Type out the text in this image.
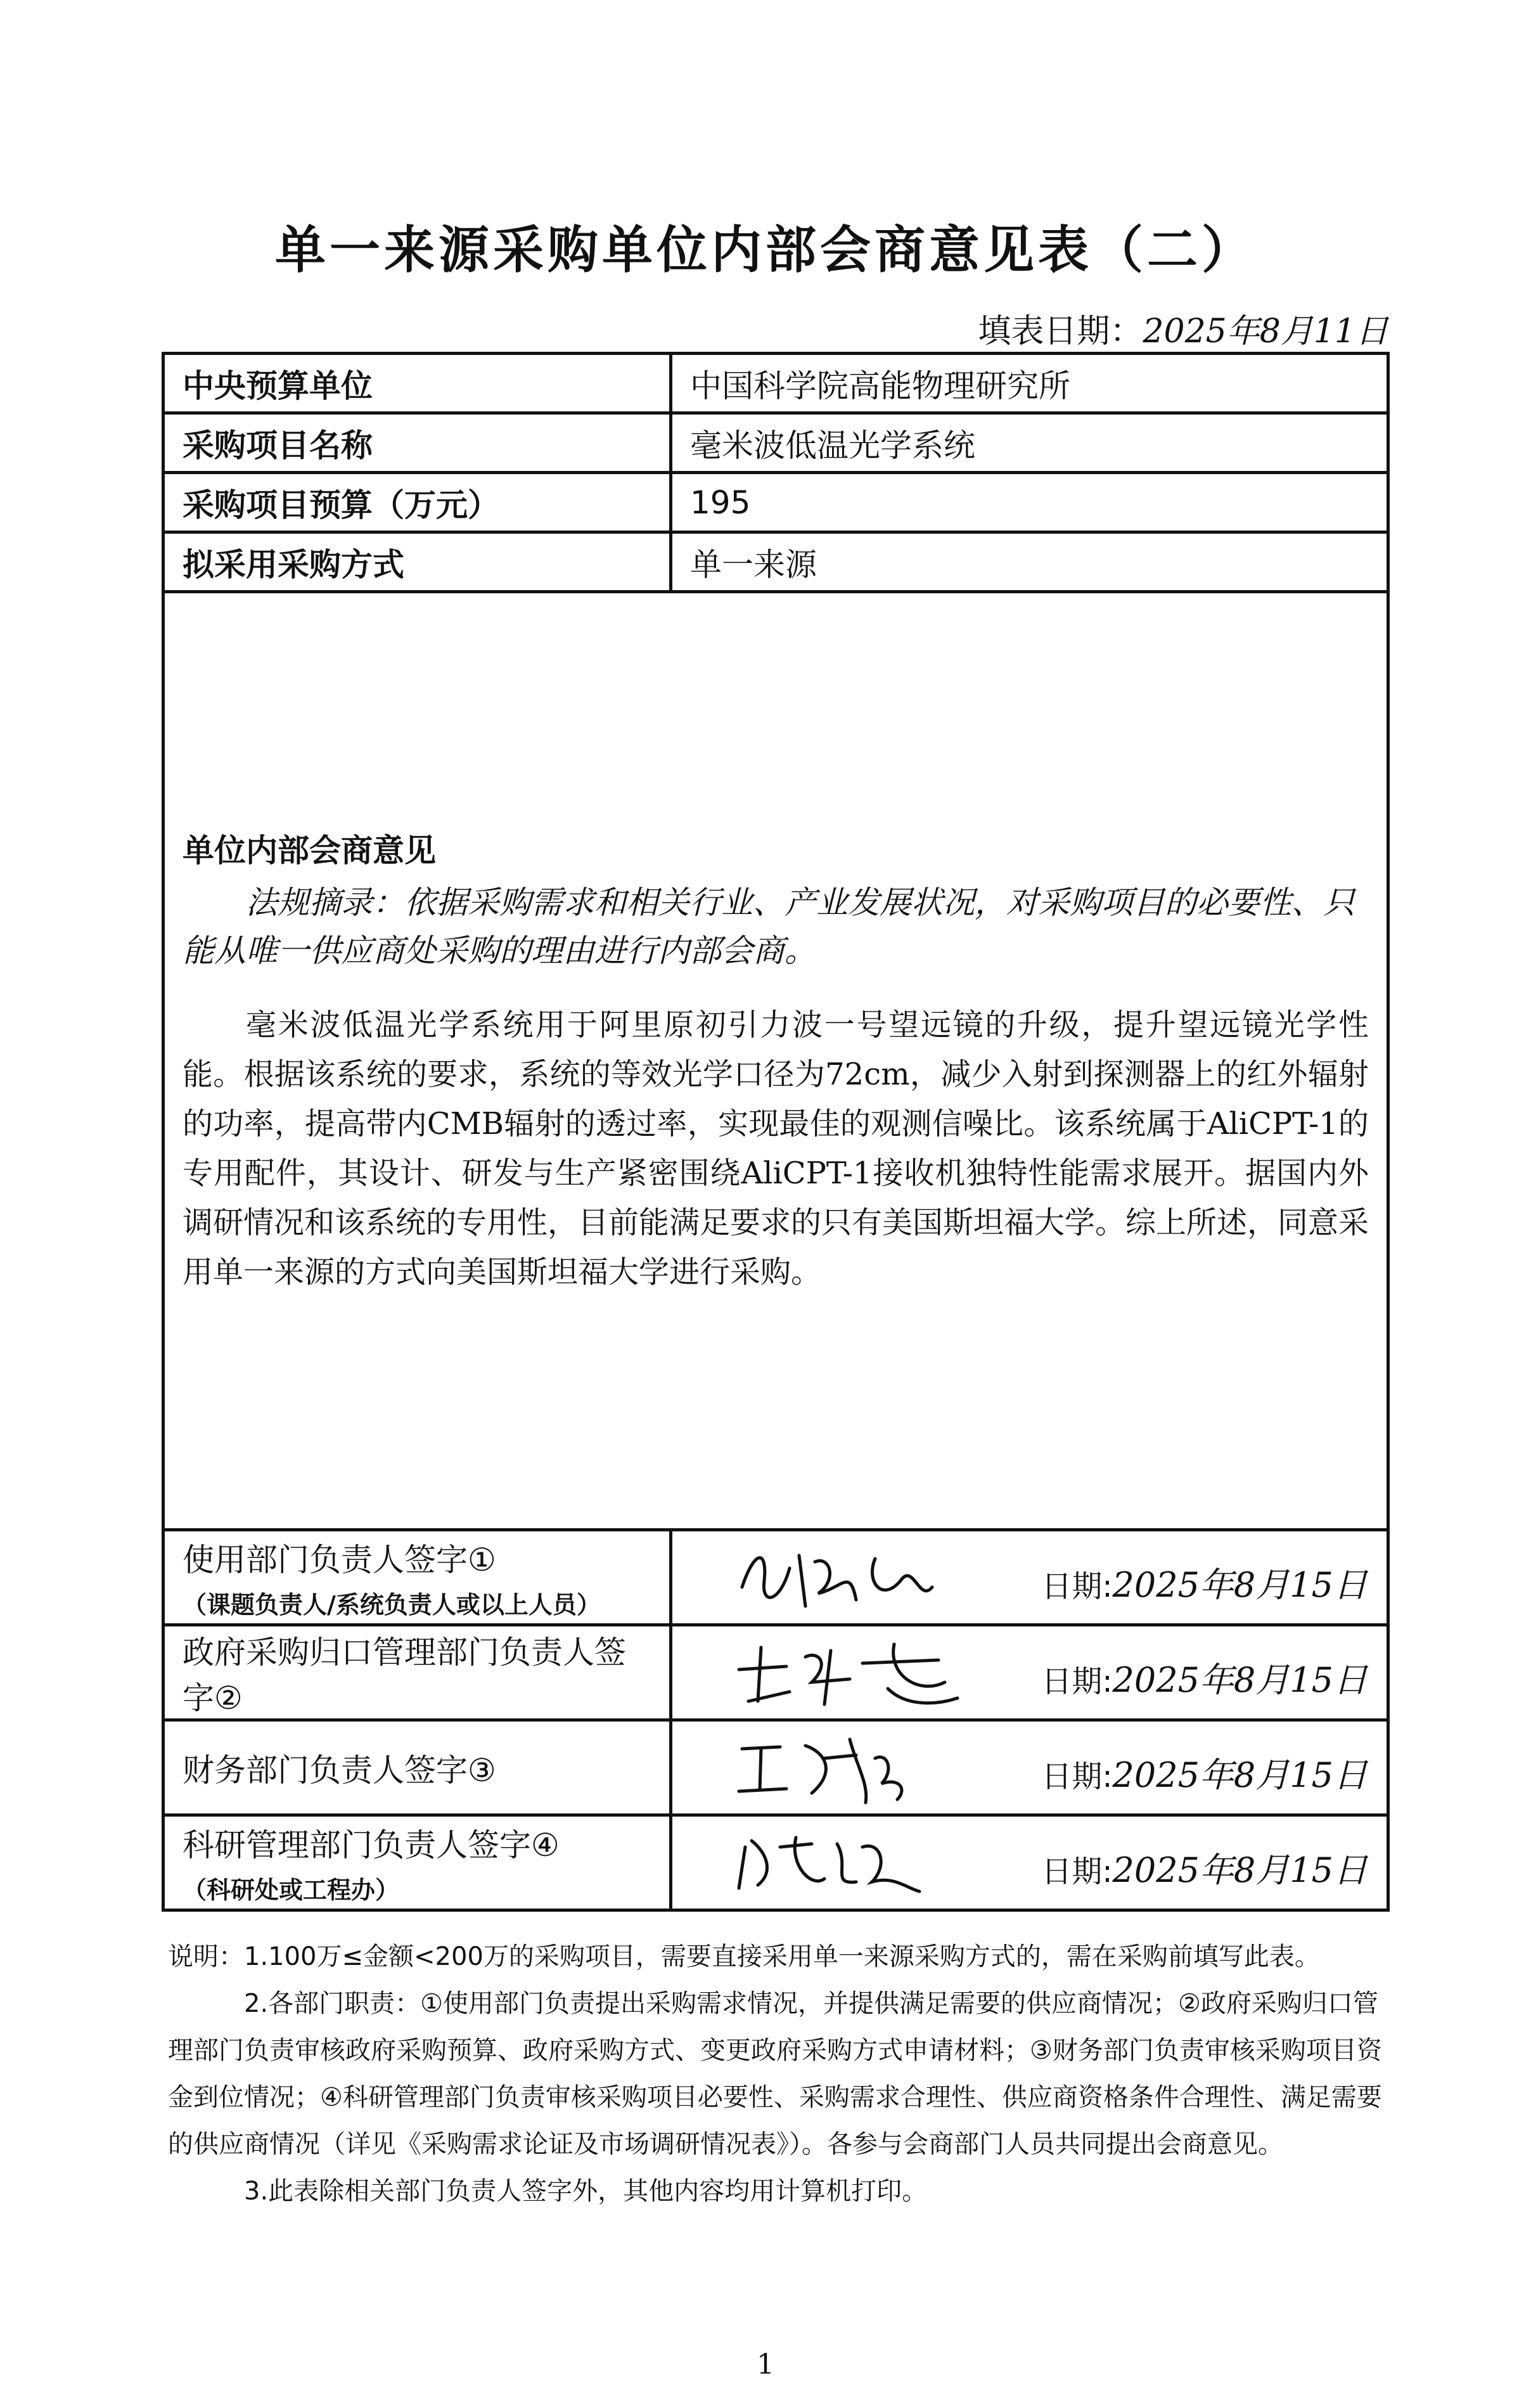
单一来源采购单位内部会商意见表（二）
填表日期：2025年8月11日
中央预算单位	中国科学院高能物理研究所
采购项目名称	毫米波低温光学系统
采购项目预算（万元）	195
拟采用采购方式	单一来源

单位内部会商意见

法规摘录：依据采购需求和相关行业、产业发展状况，对采购项目的必要性、只能从唯一供应商处采购的理由进行内部会商。

毫米波低温光学系统用于阿里原初引力波一号望远镜的升级，提升望远镜光学性能。根据该系统的要求，系统的等效光学口径为72cm，减少入射到探测器上的红外辐射的功率，提高带内CMB辐射的透过率，实现最佳的观测信噪比。该系统属于AliCPT-1的专用配件，其设计、研发与生产紧密围绕AliCPT-1接收机独特性能需求展开。据国内外调研情况和该系统的专用性，目前能满足要求的只有美国斯坦福大学。综上所述，同意采用单一来源的方式向美国斯坦福大学进行采购。	

使用部门负责人签字①
（课题负责人/系统负责人或以上人员）	日期:2025年8月15日

政府采购归口管理部门负责人签字②	日期:2025年8月15日

财务部门负责人签字③	日期:2025年8月15日

科研管理部门负责人签字④
（科研处或工程办）	日期:2025年8月15日

说明：1.100万≤金额<200万的采购项目，需要直接采用单一来源采购方式的，需在采购前填写此表。

2.各部门职责：①使用部门负责提出采购需求情况，并提供满足需要的供应商情况；②政府采购归口管理部门负责审核政府采购预算、政府采购方式、变更政府采购方式申请材料；③财务部门负责审核采购项目资金到位情况；④科研管理部门负责审核采购项目必要性、采购需求合理性、供应商资格条件合理性、满足需要的供应商情况（详见《采购需求论证及市场调研情况表》）。各参与会商部门人员共同提出会商意见。

3.此表除相关部门负责人签字外，其他内容均用计算机打印。

1
